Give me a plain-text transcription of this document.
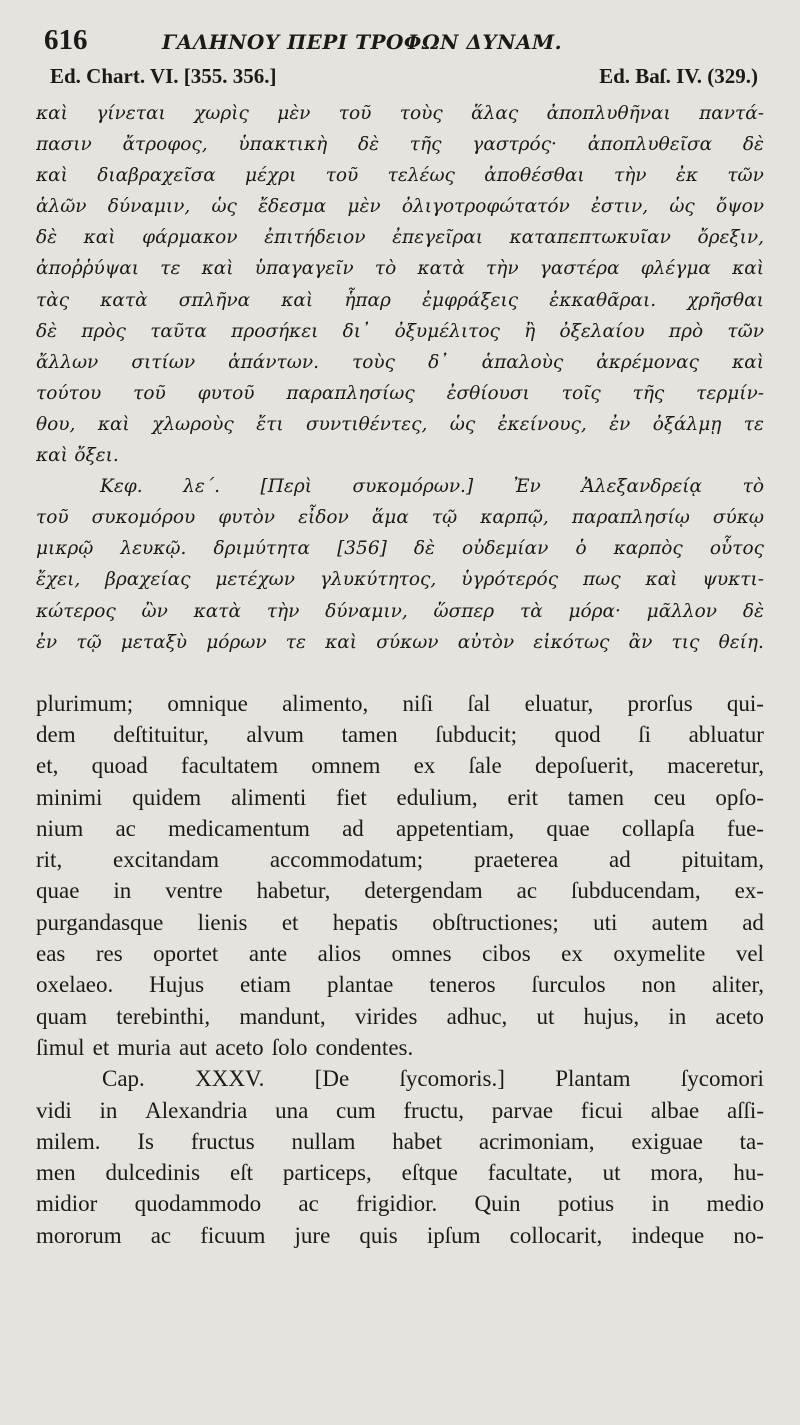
616	ΓΑΛΗΝΟΥ ΠΕΡΙ ΤΡΟΦΩΝ ΔΥΝΑΜ.
Ed. Chart. VI. [355. 356.]	Ed. Baſ. IV. (329.)
καὶ γίνεται χωρὶς μὲν τοῦ τοὺς ἅλας ἀποπλυθῆναι παντά-
πασιν ἄτροφος, ὑπακτικὴ δὲ τῆς γαστρός· ἀποπλυθεῖσα δὲ
καὶ διαβραχεῖσα μέχρι τοῦ τελέως ἀποθέσθαι τὴν ἐκ τῶν
ἁλῶν δύναμιν, ὡς ἔδεσμα μὲν ὀλιγοτροφώτατόν ἐστιν, ὡς ὄψον
δὲ καὶ φάρμακον ἐπιτήδειον ἐπεγεῖραι καταπεπτωκυῖαν ὄρεξιν,
ἀποῤῥύψαι τε καὶ ὑπαγαγεῖν τὸ κατὰ τὴν γαστέρα φλέγμα καὶ
τὰς κατὰ σπλῆνα καὶ ἧπαρ ἐμφράξεις ἐκκαθᾶραι. χρῆσθαι
δὲ πρὸς ταῦτα προσήκει δι᾽ ὀξυμέλιτος ἢ ὀξελαίου πρὸ τῶν
ἄλλων σιτίων ἁπάντων. τοὺς δ᾽ ἁπαλοὺς ἀκρέμονας καὶ
τούτου τοῦ φυτοῦ παραπλησίως ἐσθίουσι τοῖς τῆς τερμίν-
θου, καὶ χλωροὺς ἔτι συντιθέντες, ὡς ἐκείνους, ἐν ὀξάλμῃ τε
καὶ ὄξει.
Κεφ. λε΄. [Περὶ συκομόρων.] Ἐν Ἀλεξανδρείᾳ τὸ
τοῦ συκομόρου φυτὸν εἶδον ἅμα τῷ καρπῷ, παραπλησίῳ σύκῳ
μικρῷ λευκῷ. δριμύτητα [356] δὲ οὐδεμίαν ὁ καρπὸς οὗτος
ἔχει, βραχείας μετέχων γλυκύτητος, ὑγρότερός πως καὶ ψυκτι-
κώτερος ὢν κατὰ τὴν δύναμιν, ὥσπερ τὰ μόρα· μᾶλλον δὲ
ἐν τῷ μεταξὺ μόρων τε καὶ σύκων αὐτὸν εἰκότως ἂν τις θείη.
plurimum; omnique alimento, niſi ſal eluatur, prorſus qui-
dem deſtituitur, alvum tamen ſubducit; quod ſi abluatur
et, quoad facultatem omnem ex ſale depoſuerit, maceretur,
minimi quidem alimenti fiet edulium, erit tamen ceu opſo-
nium ac medicamentum ad appetentiam, quae collapſa fue-
rit, excitandam accommodatum; praeterea ad pituitam,
quae in ventre habetur, detergendam ac ſubducendam, ex-
purgandasque lienis et hepatis obſtructiones; uti autem ad
eas res oportet ante alios omnes cibos ex oxymelite vel
oxelaeo. Hujus etiam plantae teneros ſurculos non aliter,
quam terebinthi, mandunt, virides adhuc, ut hujus, in aceto
ſimul et muria aut aceto ſolo condentes.
Cap. XXXV. [De ſycomoris.] Plantam ſycomori
vidi in Alexandria una cum fructu, parvae ficui albae aſſi-
milem. Is fructus nullam habet acrimoniam, exiguae ta-
men dulcedinis eſt particeps, eſtque facultate, ut mora, hu-
midior quodammodo ac frigidior. Quin potius in medio
mororum ac ficuum jure quis ipſum collocarit, indeque no-
